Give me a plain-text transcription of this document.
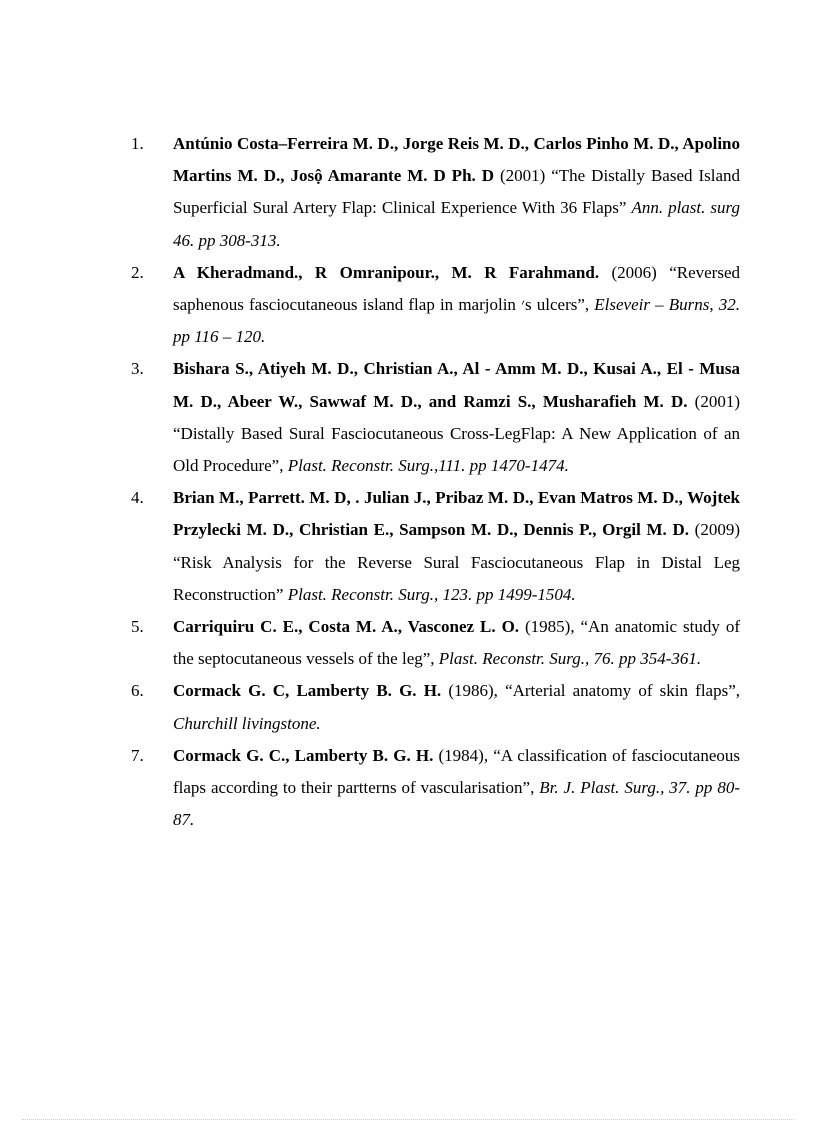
1.	Antúnio Costa–Ferreira M. D., Jorge Reis M. D., Carlos Pinho M. D., Apolino Martins M. D., Josộ Amarante M. D Ph. D (2001) “The Distally Based Island Superficial Sural Artery Flap: Clinical Experience With 36 Flaps” Ann. plast. surg 46. pp 308-313.
2.	A Kheradmand., R Omranipour., M. R Farahmand. (2006) “Reversed saphenous fasciocutaneous island flap in marjolin ׳s ulcers”, Elseveir – Burns, 32. pp 116 – 120.
3.	Bishara S., Atiyeh M. D., Christian A., Al - Amm M. D., Kusai A., El - Musa M. D., Abeer W., Sawwaf M. D., and Ramzi S., Musharafieh M. D. (2001) “Distally Based Sural Fasciocutaneous Cross-LegFlap: A New Application of an Old Procedure”, Plast. Reconstr. Surg.,111. pp 1470-1474.
4.	Brian M., Parrett. M. D, . Julian J., Pribaz M. D., Evan Matros M. D., Wojtek Przylecki M. D., Christian E., Sampson M. D., Dennis P., Orgil M. D. (2009) “Risk Analysis for the Reverse Sural Fasciocutaneous Flap in Distal Leg Reconstruction” Plast. Reconstr. Surg., 123. pp 1499-1504.
5.	Carriquiru C. E., Costa M. A., Vasconez L. O. (1985), “An anatomic study of the septocutaneous vessels of the leg”, Plast. Reconstr. Surg., 76. pp 354-361.
6.	Cormack G. C, Lamberty B. G. H. (1986), “Arterial anatomy of skin flaps”, Churchill livingstone.
7.	Cormack G. C., Lamberty B. G. H. (1984), “A classification of fasciocutaneous flaps according to their partterns of vascularisation”, Br. J. Plast. Surg., 37. pp 80-87.
